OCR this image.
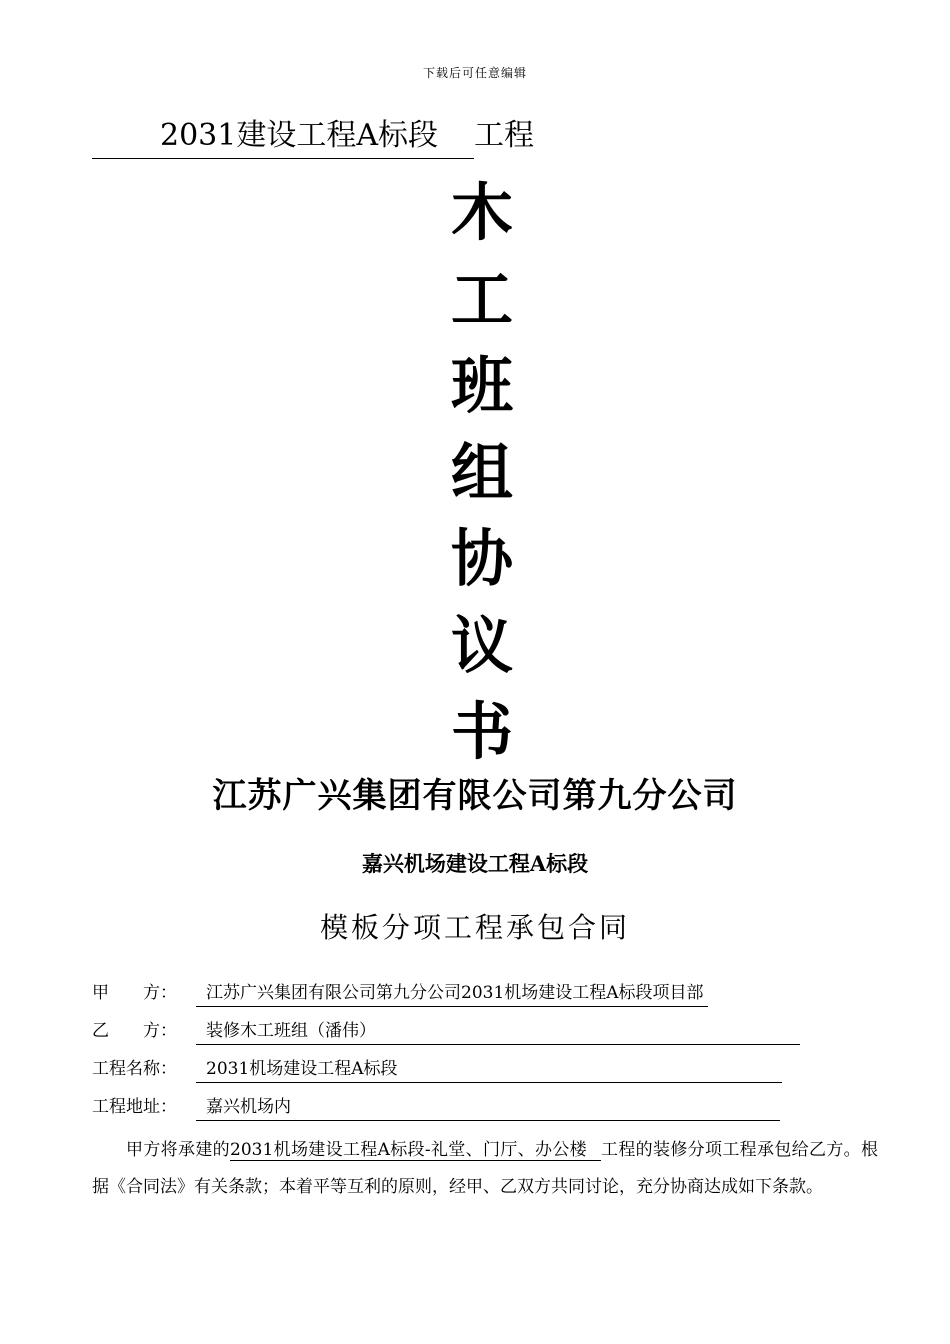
下载后可任意编辑
2031建设工程A标段 工程
木
工
班
组
协
议
书
江苏广兴集团有限公司第九分公司
嘉兴机场建设工程A标段
模板分项工程承包合同
甲　　方： 江苏广兴集团有限公司第九分公司2031机场建设工程A标段项目部
乙　　方： 装修木工班组（潘伟）
工程名称： 2031机场建设工程A标段
工程地址： 嘉兴机场内
甲方将承建的2031机场建设工程A标段-礼堂、门厅、办公楼 工程的装修分项工程承包给乙方。根据《合同法》有关条款；本着平等互利的原则，经甲、乙双方共同讨论，充分协商达成如下条款。
